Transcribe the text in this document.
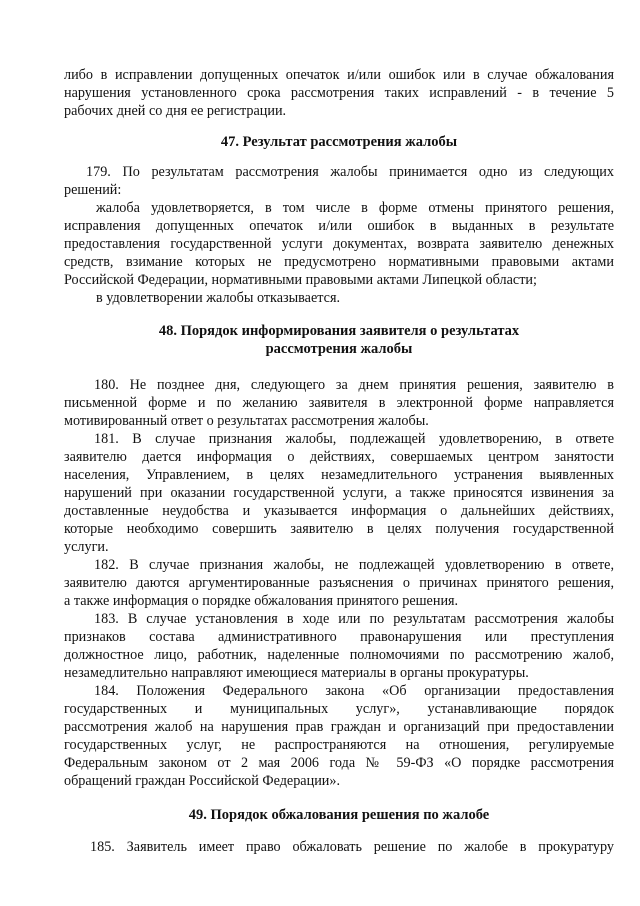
либо в исправлении допущенных опечаток и/или ошибок или в случае обжалования
нарушения установленного срока рассмотрения таких исправлений - в течение 5
рабочих дней со дня ее регистрации.
47. Результат рассмотрения жалобы
179. По результатам рассмотрения жалобы принимается одно из следующих
решений:
жалоба удовлетворяется, в том числе в форме отмены принятого решения,
исправления допущенных опечаток и/или ошибок в выданных в результате
предоставления государственной услуги документах, возврата заявителю денежных
средств, взимание которых не предусмотрено нормативными правовыми актами
Российской Федерации, нормативными правовыми актами Липецкой области;
в удовлетворении жалобы отказывается.
48. Порядок информирования заявителя о результатах
рассмотрения жалобы
180. Не позднее дня, следующего за днем принятия решения, заявителю в
письменной форме и по желанию заявителя в электронной форме направляется
мотивированный ответ о результатах рассмотрения жалобы.
181. В случае признания жалобы, подлежащей удовлетворению, в ответе
заявителю дается информация о действиях, совершаемых центром занятости
населения, Управлением, в целях незамедлительного устранения выявленных
нарушений при оказании государственной услуги, а также приносятся извинения за
доставленные неудобства и указывается информация о дальнейших действиях,
которые необходимо совершить заявителю в целях получения государственной
услуги.
182. В случае признания жалобы, не подлежащей удовлетворению в ответе,
заявителю даются аргументированные разъяснения о причинах принятого решения,
а также информация о порядке обжалования принятого решения.
183. В случае установления в ходе или по результатам рассмотрения жалобы
признаков состава административного правонарушения или преступления
должностное лицо, работник, наделенные полномочиями по рассмотрению жалоб,
незамедлительно направляют имеющиеся материалы в органы прокуратуры.
184. Положения Федерального закона «Об организации предоставления
государственных и муниципальных услуг», устанавливающие порядок
рассмотрения жалоб на нарушения прав граждан и организаций при предоставлении
государственных услуг, не распространяются на отношения, регулируемые
Федеральным законом от 2 мая 2006 года № 59-ФЗ «О порядке рассмотрения
обращений граждан Российской Федерации».
49. Порядок обжалования решения по жалобе
185. Заявитель имеет право обжаловать решение по жалобе в прокуратуру
